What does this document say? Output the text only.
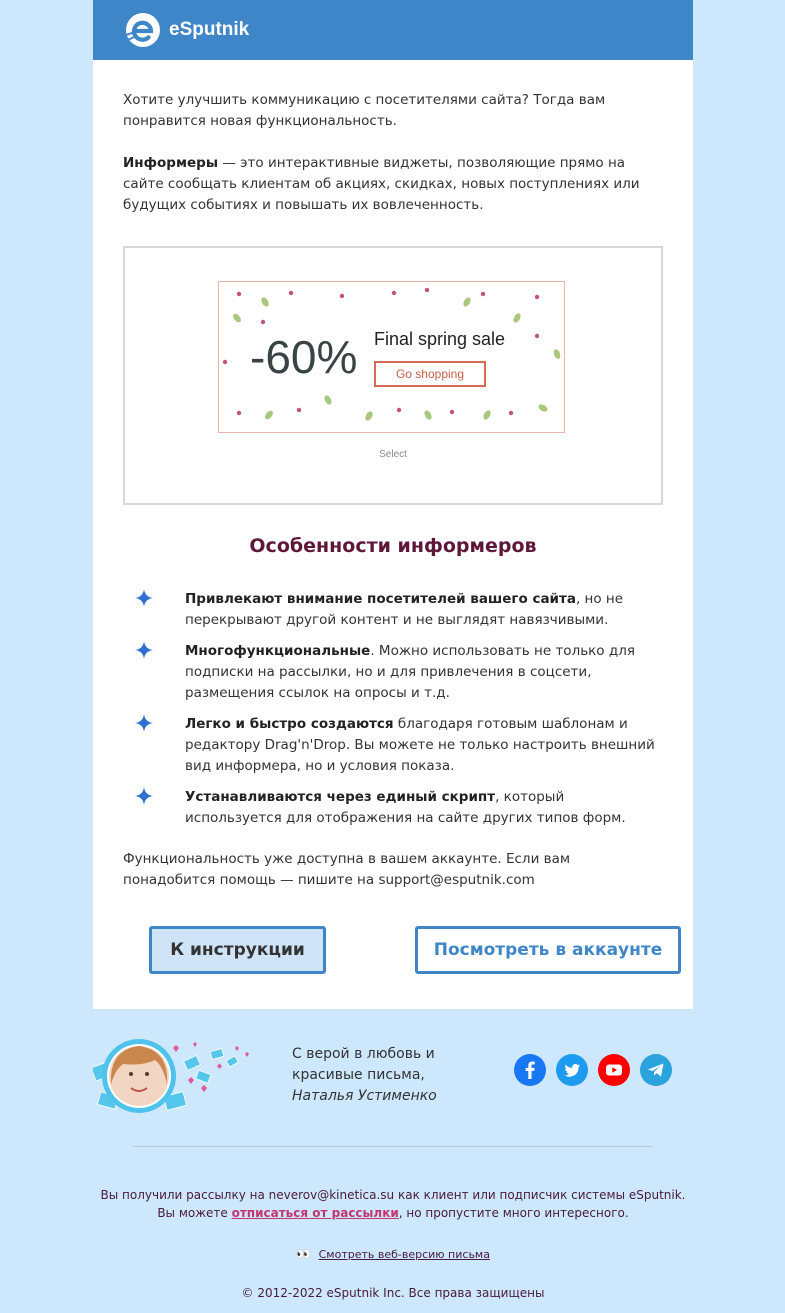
eSputnik

Хотите улучшить коммуникацию с посетителями сайта? Тогда вам понравится новая функциональность.

Информеры — это интерактивные виджеты, позволяющие прямо на сайте сообщать клиентам об акциях, скидках, новых поступлениях или будущих событиях и повышать их вовлеченность.

-60% Final spring sale
Go shopping
Select
Особенности информеров

Привлекают внимание посетителей вашего сайта, но не перекрывают другой контент и не выглядят навязчивыми.

Многофункциональные. Можно использовать не только для подписки на рассылки, но и для привлечения в соцсети, размещения ссылок на опросы и т.д.

Легко и быстро создаются благодаря готовым шаблонам и редактору Drag'n'Drop. Вы можете не только настроить внешний вид информера, но и условия показа.

Устанавливаются через единый скрипт, который используется для отображения на сайте других типов форм.

Функциональность уже доступна в вашем аккаунте. Если вам понадобится помощь — пишите на support@esputnik.com

К инструкции	Посмотреть в аккаунте
С верой в любовь и
красивые письма,
Наталья Устименко

Вы получили рассылку на neverov@kinetica.su как клиент или подписчик системы eSputnik.

Вы можете отписаться от рассылки, но пропустите много интересного.

👀 Смотреть веб-версию письма

© 2012-2022 eSputnik Inc. Все права защищены
